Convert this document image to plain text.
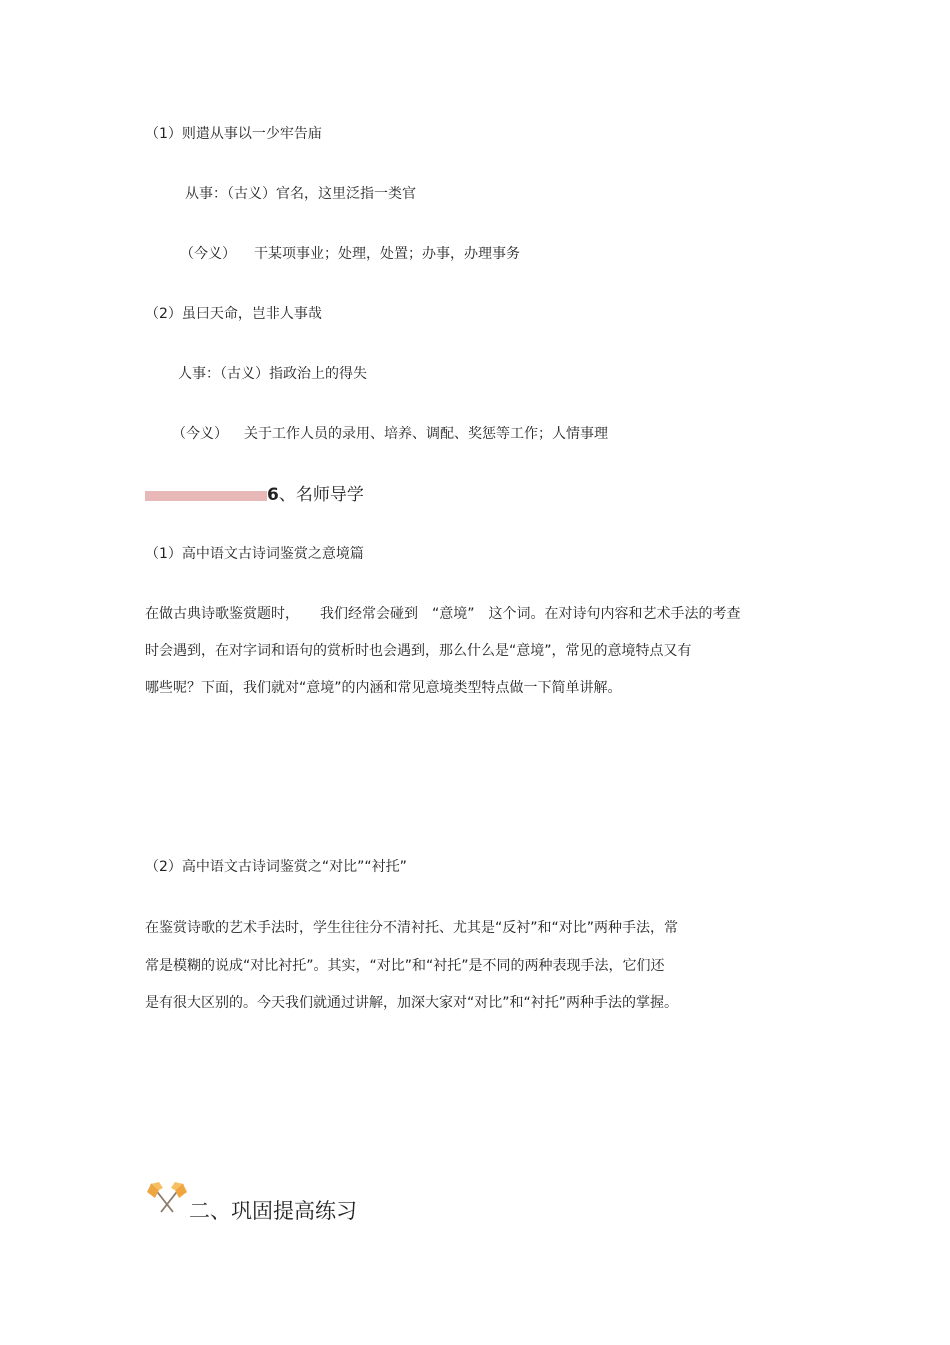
（1）则遣从事以一少牢告庙
从事：（古义）官名，这里泛指一类官
（今义） 干某项事业；处理，处置；办事，办理事务
（2）虽曰天命，岂非人事哉
人事：（古义）指政治上的得失
（今义） 关于工作人员的录用、培养、调配、奖惩等工作；人情事理
6、名师导学
（1）高中语文古诗词鉴赏之意境篇
在做古典诗歌鉴赏题时，　　我们经常会碰到　“意境”　这个词。在对诗句内容和艺术手法的考查
时会遇到，在对字词和语句的赏析时也会遇到，那么什么是“意境”，常见的意境特点又有
哪些呢？下面，我们就对“意境”的内涵和常见意境类型特点做一下简单讲解。
（2）高中语文古诗词鉴赏之“对比”“衬托”
在鉴赏诗歌的艺术手法时，学生往往分不清衬托、尤其是“反衬”和“对比”两种手法，常
常是模糊的说成“对比衬托”。其实，“对比”和“衬托”是不同的两种表现手法，它们还
是有很大区别的。今天我们就通过讲解，加深大家对“对比”和“衬托”两种手法的掌握。
二、巩固提高练习
